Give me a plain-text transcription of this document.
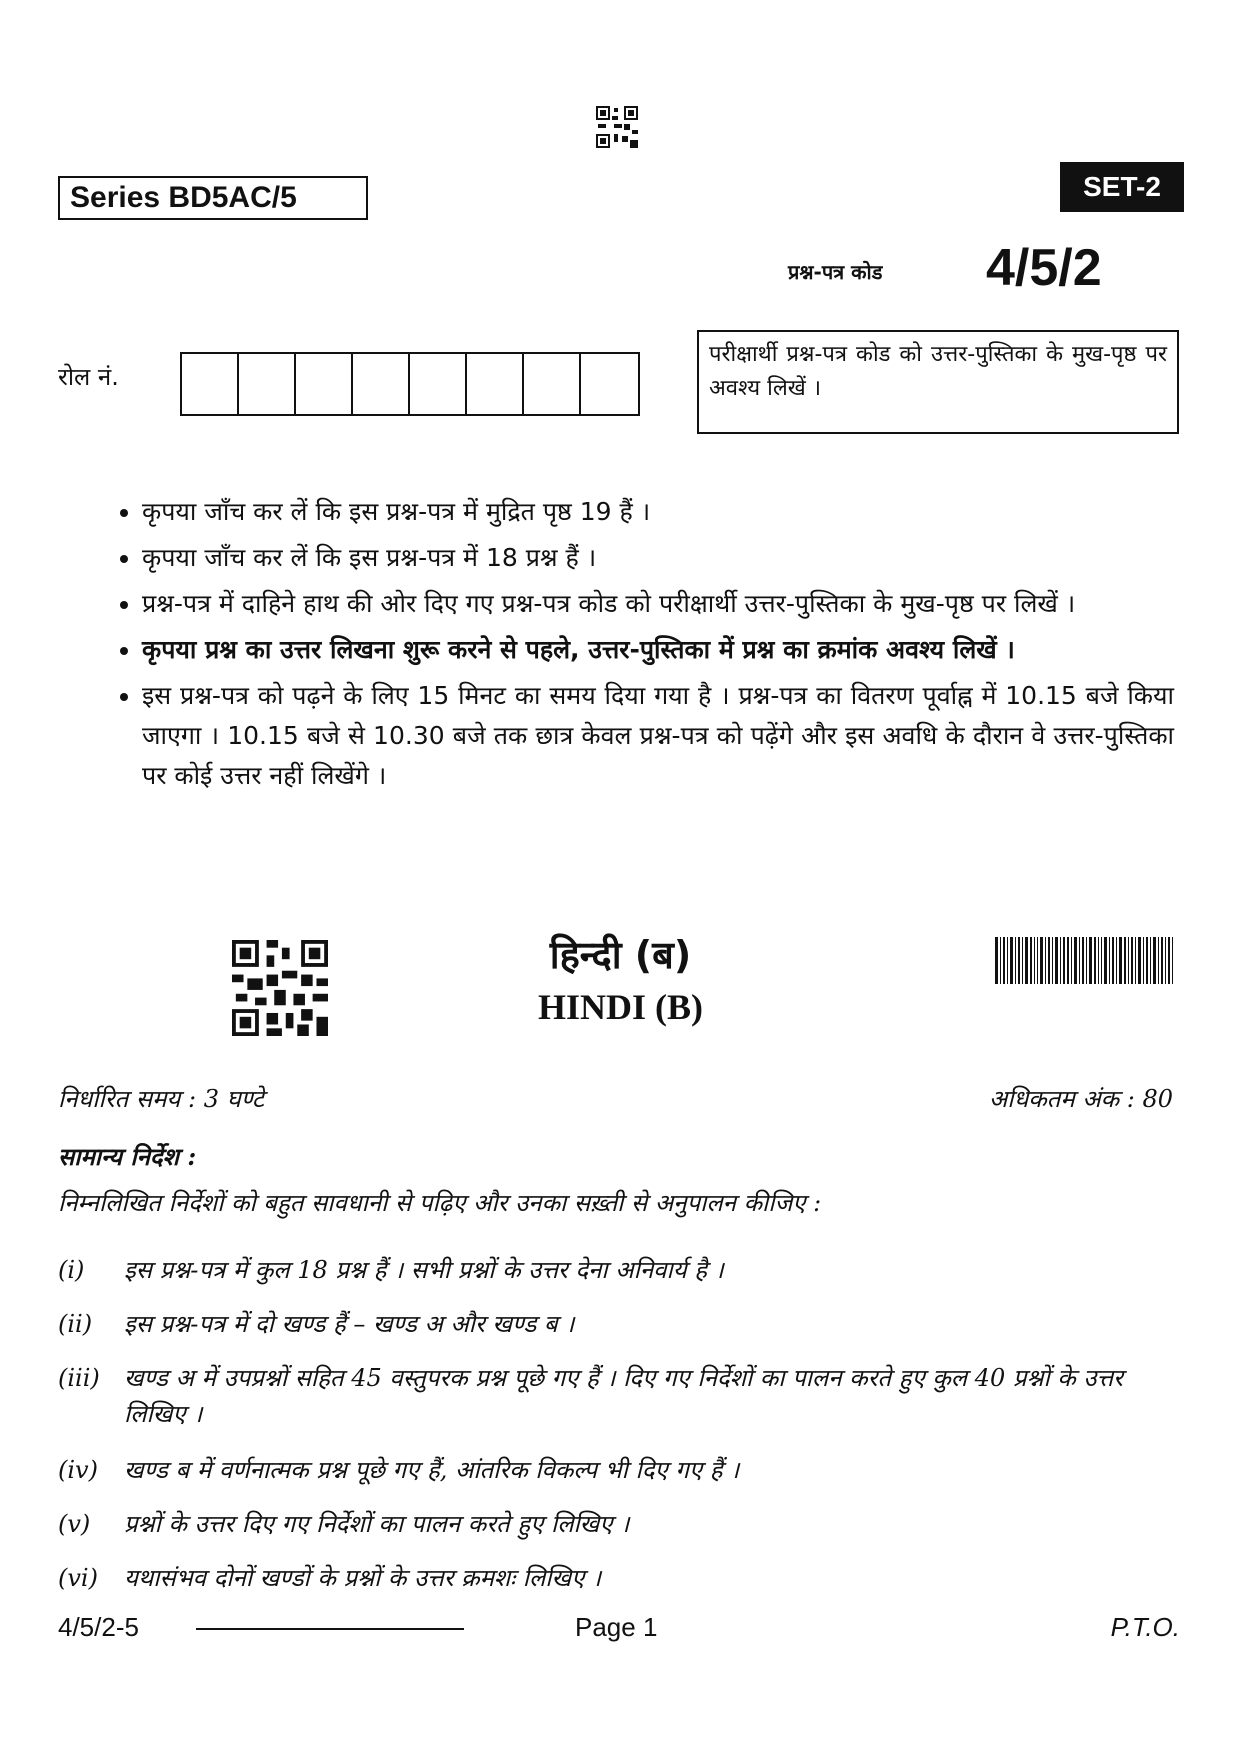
Series BD5AC/5	SET-2
प्रश्न-पत्र कोड 4/5/2
रोल नं.
परीक्षार्थी प्रश्न-पत्र कोड को उत्तर-पुस्तिका के मुख-पृष्ठ पर अवश्य लिखें ।
• कृपया जाँच कर लें कि इस प्रश्न-पत्र में मुद्रित पृष्ठ 19 हैं ।
• कृपया जाँच कर लें कि इस प्रश्न-पत्र में 18 प्रश्न हैं ।
• प्रश्न-पत्र में दाहिने हाथ की ओर दिए गए प्रश्न-पत्र कोड को परीक्षार्थी उत्तर-पुस्तिका के मुख-पृष्ठ पर लिखें ।
• कृपया प्रश्न का उत्तर लिखना शुरू करने से पहले, उत्तर-पुस्तिका में प्रश्न का क्रमांक अवश्य लिखें ।
• इस प्रश्न-पत्र को पढ़ने के लिए 15 मिनट का समय दिया गया है । प्रश्न-पत्र का वितरण पूर्वाह्न में 10.15 बजे किया जाएगा । 10.15 बजे से 10.30 बजे तक छात्र केवल प्रश्न-पत्र को पढ़ेंगे और इस अवधि के दौरान वे उत्तर-पुस्तिका पर कोई उत्तर नहीं लिखेंगे ।
हिन्दी (ब)
HINDI (B)
निर्धारित समय : 3 घण्टे	अधिकतम अंक : 80
सामान्य निर्देश :
निम्नलिखित निर्देशों को बहुत सावधानी से पढ़िए और उनका सख़्ती से अनुपालन कीजिए :
(i)	इस प्रश्न-पत्र में कुल 18 प्रश्न हैं । सभी प्रश्नों के उत्तर देना अनिवार्य है ।
(ii)	इस प्रश्न-पत्र में दो खण्ड हैं – खण्ड अ और खण्ड ब ।
(iii)	खण्ड अ में उपप्रश्नों सहित 45 वस्तुपरक प्रश्न पूछे गए हैं । दिए गए निर्देशों का पालन करते हुए कुल 40 प्रश्नों के उत्तर लिखिए ।
(iv)	खण्ड ब में वर्णनात्मक प्रश्न पूछे गए हैं, आंतरिक विकल्प भी दिए गए हैं ।
(v)	प्रश्नों के उत्तर दिए गए निर्देशों का पालन करते हुए लिखिए ।
(vi)	यथासंभव दोनों खण्डों के प्रश्नों के उत्तर क्रमशः लिखिए ।
4/5/2-5	Page 1	P.T.O.
